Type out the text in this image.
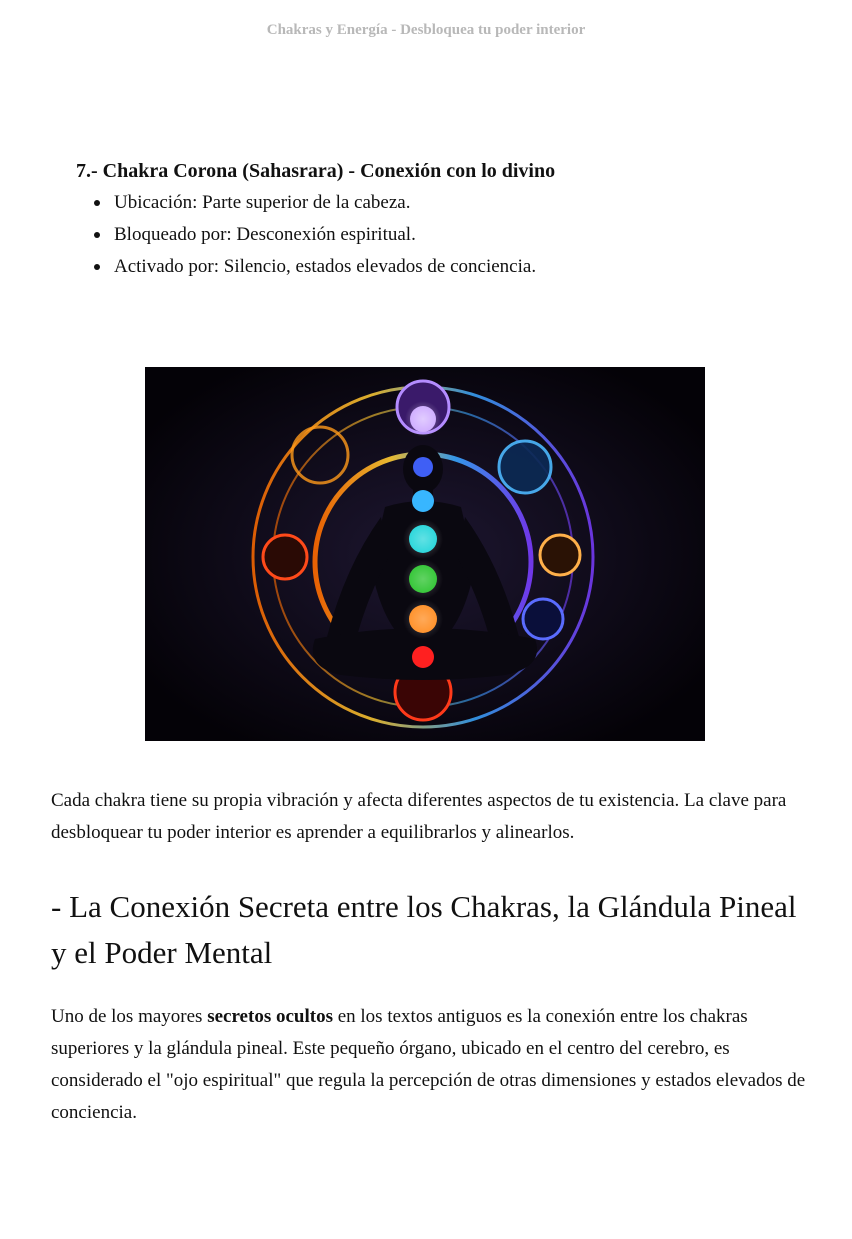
Chakras y Energía - Desbloquea tu poder interior
7.- Chakra Corona (Sahasrara) - Conexión con lo divino
Ubicación: Parte superior de la cabeza.
Bloqueado por: Desconexión espiritual.
Activado por: Silencio, estados elevados de conciencia.

Cada chakra tiene su propia vibración y afecta diferentes aspectos de tu existencia. La clave para desbloquear tu poder interior es aprender a equilibrarlos y alinearlos.

- La Conexión Secreta entre los Chakras, la Glándula Pineal y el Poder Mental

Uno de los mayores secretos ocultos en los textos antiguos es la conexión entre los chakras superiores y la glándula pineal. Este pequeño órgano, ubicado en el centro del cerebro, es considerado el "ojo espiritual" que regula la percepción de otras dimensiones y estados elevados de conciencia.
